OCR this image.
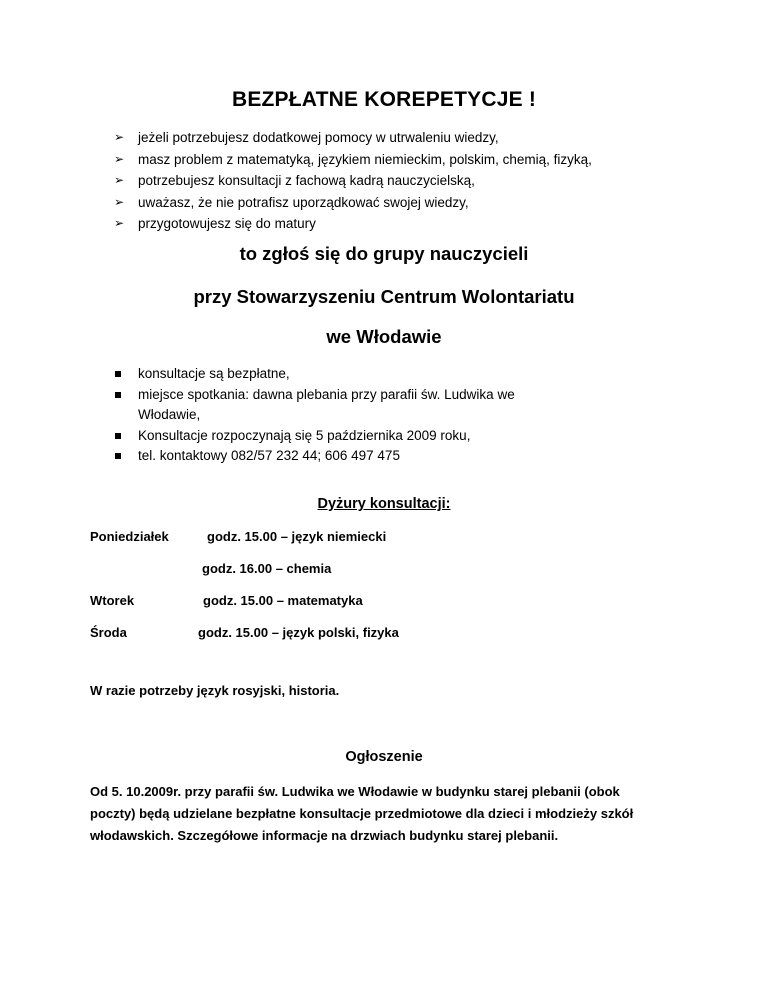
BEZPŁATNE KOREPETYCJE !
➢ jeżeli potrzebujesz dodatkowej pomocy w utrwaleniu wiedzy,
➢ masz problem z matematyką, językiem niemieckim, polskim, chemią, fizyką,
➢ potrzebujesz konsultacji z fachową kadrą nauczycielską,
➢ uważasz, że nie potrafisz uporządkować swojej wiedzy,
➢ przygotowujesz się do matury
to zgłoś się do grupy nauczycieli
przy Stowarzyszeniu Centrum Wolontariatu
we Włodawie
konsultacje są bezpłatne,
miejsce spotkania: dawna plebania przy parafii św. Ludwika we Włodawie,
Konsultacje rozpoczynają się 5 października 2009 roku,
tel. kontaktowy 082/57 232 44; 606 497 475
Dyżury konsultacji:
Poniedziałek	godz. 15.00 – język niemiecki
godz. 16.00 – chemia
Wtorek	godz. 15.00 – matematyka
Środa	godz. 15.00 – język polski, fizyka
W razie potrzeby język rosyjski, historia.
Ogłoszenie
Od 5. 10.2009r. przy parafii św. Ludwika we Włodawie w budynku starej plebanii (obok
poczty) będą udzielane bezpłatne konsultacje przedmiotowe dla dzieci i młodzieży szkół
włodawskich. Szczegółowe informacje na drzwiach budynku starej plebanii.
